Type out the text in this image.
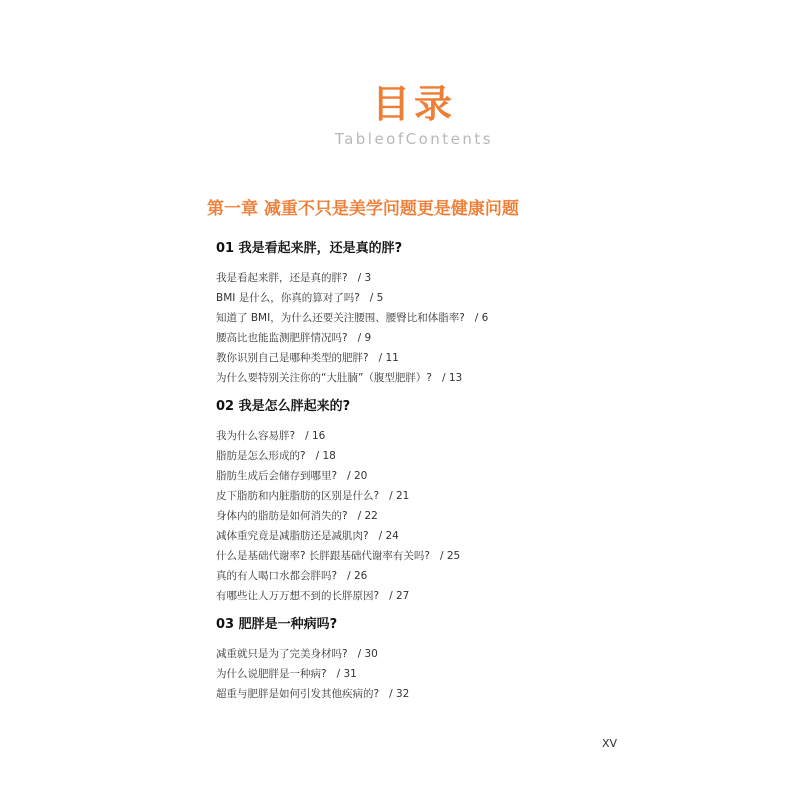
目录
TableofContents
第一章 减重不只是美学问题更是健康问题
01 我是看起来胖，还是真的胖?
我是看起来胖，还是真的胖? / 3
BMI 是什么，你真的算对了吗? / 5
知道了 BMI，为什么还要关注腰围、腰臀比和体脂率? / 6
腰高比也能监测肥胖情况吗? / 9
教你识别自己是哪种类型的肥胖? / 11
为什么要特别关注你的“大肚腩”（腹型肥胖）? / 13
02 我是怎么胖起来的?
我为什么容易胖? / 16
脂肪是怎么形成的? / 18
脂肪生成后会储存到哪里? / 20
皮下脂肪和内脏脂肪的区别是什么? / 21
身体内的脂肪是如何消失的? / 22
减体重究竟是减脂肪还是减肌肉? / 24
什么是基础代谢率? 长胖跟基础代谢率有关吗? / 25
真的有人喝口水都会胖吗? / 26
有哪些让人万万想不到的长胖原因? / 27
03 肥胖是一种病吗?
减重就只是为了完美身材吗? / 30
为什么说肥胖是一种病? / 31
超重与肥胖是如何引发其他疾病的? / 32
XV
